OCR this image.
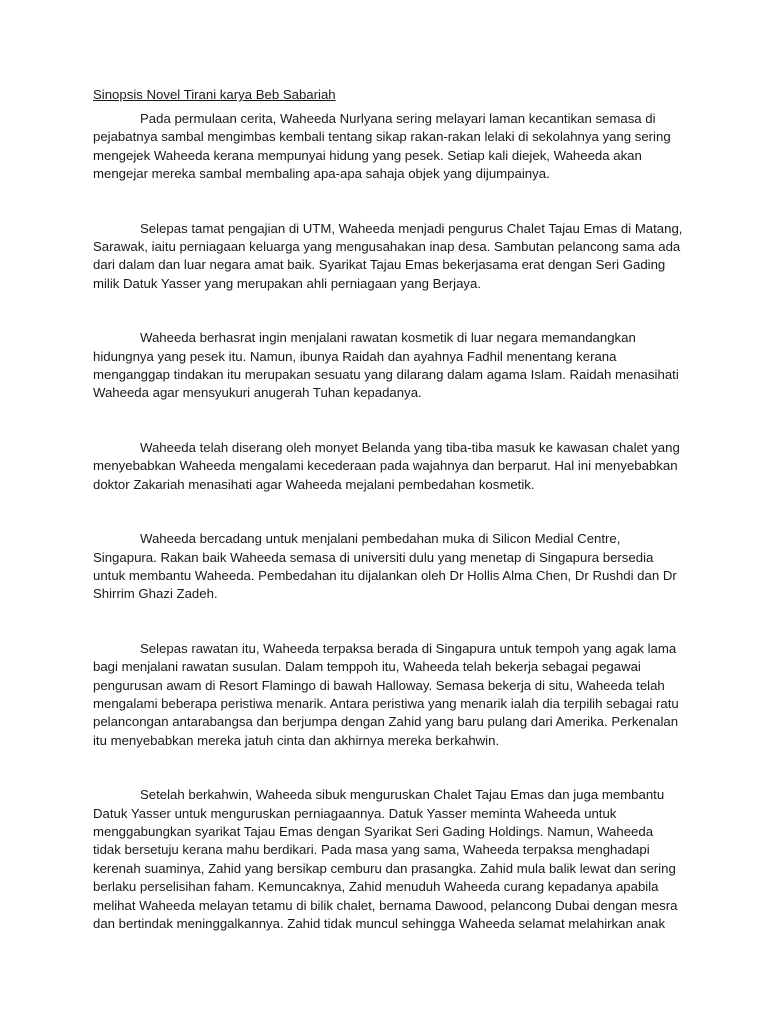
Sinopsis Novel Tirani karya Beb Sabariah

Pada permulaan cerita, Waheeda Nurlyana sering melayari laman kecantikan semasa di pejabatnya sambal mengimbas kembali tentang sikap rakan-rakan lelaki di sekolahnya yang sering mengejek Waheeda kerana mempunyai hidung yang pesek. Setiap kali diejek, Waheeda akan mengejar mereka sambal membaling apa-apa sahaja objek yang dijumpainya.

Selepas tamat pengajian di UTM, Waheeda menjadi pengurus Chalet Tajau Emas di Matang, Sarawak, iaitu perniagaan keluarga yang mengusahakan inap desa. Sambutan pelancong sama ada dari dalam dan luar negara amat baik. Syarikat Tajau Emas bekerjasama erat dengan Seri Gading milik Datuk Yasser yang merupakan ahli perniagaan yang Berjaya.

Waheeda berhasrat ingin menjalani rawatan kosmetik di luar negara memandangkan hidungnya yang pesek itu. Namun, ibunya Raidah dan ayahnya Fadhil menentang kerana menganggap tindakan itu merupakan sesuatu yang dilarang dalam agama Islam. Raidah menasihati Waheeda agar mensyukuri anugerah Tuhan kepadanya.

Waheeda telah diserang oleh monyet Belanda yang tiba-tiba masuk ke kawasan chalet yang menyebabkan Waheeda mengalami kecederaan pada wajahnya dan berparut. Hal ini menyebabkan doktor Zakariah menasihati agar Waheeda mejalani pembedahan kosmetik.

Waheeda bercadang untuk menjalani pembedahan muka di Silicon Medial Centre, Singapura. Rakan baik Waheeda semasa di universiti dulu yang menetap di Singapura bersedia untuk membantu Waheeda. Pembedahan itu dijalankan oleh Dr Hollis Alma Chen, Dr Rushdi dan Dr Shirrim Ghazi Zadeh.

Selepas rawatan itu, Waheeda terpaksa berada di Singapura untuk tempoh yang agak lama bagi menjalani rawatan susulan. Dalam temppoh itu, Waheeda telah bekerja sebagai pegawai pengurusan awam di Resort Flamingo di bawah Halloway. Semasa bekerja di situ, Waheeda telah mengalami beberapa peristiwa menarik. Antara peristiwa yang menarik ialah dia terpilih sebagai ratu pelancongan antarabangsa dan berjumpa dengan Zahid yang baru pulang dari Amerika. Perkenalan itu menyebabkan mereka jatuh cinta dan akhirnya mereka berkahwin.

Setelah berkahwin, Waheeda sibuk menguruskan Chalet Tajau Emas dan juga membantu Datuk Yasser untuk menguruskan perniagaannya. Datuk Yasser meminta Waheeda untuk menggabungkan syarikat Tajau Emas dengan Syarikat Seri Gading Holdings. Namun, Waheeda tidak bersetuju kerana mahu berdikari. Pada masa yang sama, Waheeda terpaksa menghadapi kerenah suaminya, Zahid yang bersikap cemburu dan prasangka. Zahid mula balik lewat dan sering berlaku perselisihan faham. Kemuncaknya, Zahid menuduh Waheeda curang kepadanya apabila melihat Waheeda melayan tetamu di bilik chalet, bernama Dawood, pelancong Dubai dengan mesra dan bertindak meninggalkannya. Zahid tidak muncul sehingga Waheeda selamat melahirkan anak
